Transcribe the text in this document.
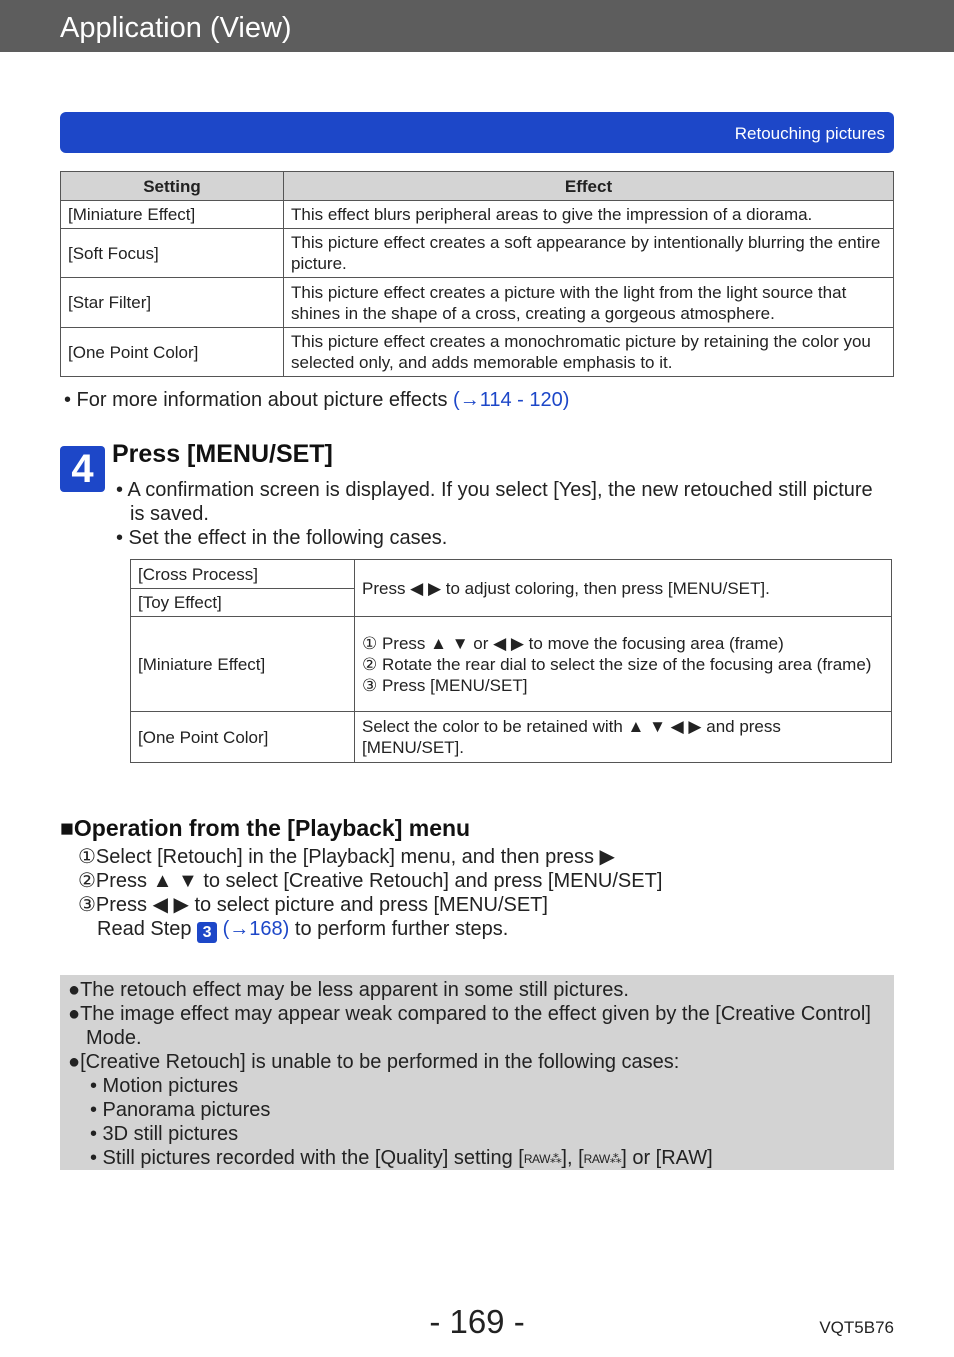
Application (View)
Retouching pictures
Setting	Effect
[Miniature Effect]	This effect blurs peripheral areas to give the impression of a diorama.
[Soft Focus]	This picture effect creates a soft appearance by intentionally blurring the entire picture.
[Star Filter]	This picture effect creates a picture with the light from the light source that shines in the shape of a cross, creating a gorgeous atmosphere.
[One Point Color]	This picture effect creates a monochromatic picture by retaining the color you selected only, and adds memorable emphasis to it.
• For more information about picture effects (→114 - 120)
4 Press [MENU/SET]

• A confirmation screen is displayed. If you select [Yes], the new retouched still picture is saved.

• Set the effect in the following cases.

[Cross Process]	Press ◀ ▶ to adjust coloring, then press [MENU/SET].
[Toy Effect]	
[Miniature Effect]	① Press ▲ ▼ or ◀ ▶ to move the focusing area (frame)
② Rotate the rear dial to select the size of the focusing area (frame)
③ Press [MENU/SET]

[One Point Color]	Select the color to be retained with ▲ ▼ ◀ ▶ and press [MENU/SET].
■Operation from the [Playback] menu
①Select [Retouch] in the [Playback] menu, and then press ▶
②Press ▲ ▼ to select [Creative Retouch] and press [MENU/SET]
③Press ◀ ▶ to select picture and press [MENU/SET]
Read Step 3 (→168) to perform further steps.
●The retouch effect may be less apparent in some still pictures.
●The image effect may appear weak compared to the effect given by the [Creative Control] Mode.
●[Creative Retouch] is unable to be performed in the following cases:
• Motion pictures
• Panorama pictures
• 3D still pictures
• Still pictures recorded with the [Quality] setting [RAW⁂], [RAW⁂] or [RAW]
- 169 -	VQT5B76
